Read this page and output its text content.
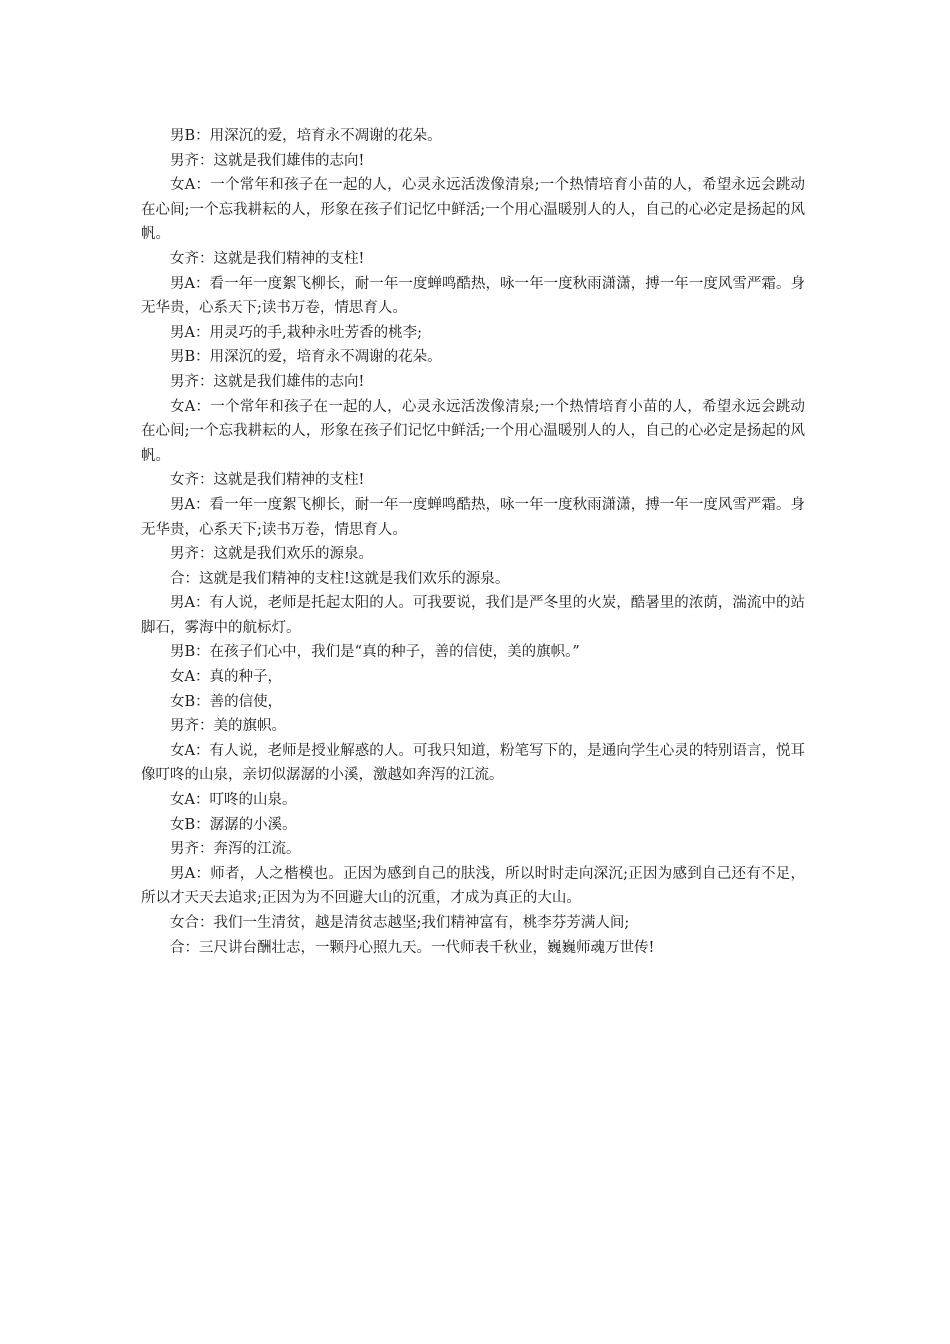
男B：用深沉的爱，培育永不凋谢的花朵。

男齐：这就是我们雄伟的志向!

女A：一个常年和孩子在一起的人，心灵永远活泼像清泉;一个热情培育小苗的人，希望永远会跳动在心间;一个忘我耕耘的人，形象在孩子们记忆中鲜活;一个用心温暖别人的人，自己的心必定是扬起的风帆。

女齐：这就是我们精神的支柱!

男A：看一年一度絮飞柳长，耐一年一度蝉鸣酷热，咏一年一度秋雨潇潇，搏一年一度风雪严霜。身无华贵，心系天下;读书万卷，情思育人。

男A：用灵巧的手,栽种永吐芳香的桃李;

男B：用深沉的爱，培育永不凋谢的花朵。

男齐：这就是我们雄伟的志向!

女A：一个常年和孩子在一起的人，心灵永远活泼像清泉;一个热情培育小苗的人，希望永远会跳动在心间;一个忘我耕耘的人，形象在孩子们记忆中鲜活;一个用心温暖别人的人，自己的心必定是扬起的风帆。

女齐：这就是我们精神的支柱!

男A：看一年一度絮飞柳长，耐一年一度蝉鸣酷热，咏一年一度秋雨潇潇，搏一年一度风雪严霜。身无华贵，心系天下;读书万卷，情思育人。

男齐：这就是我们欢乐的源泉。

合：这就是我们精神的支柱!这就是我们欢乐的源泉。

男A：有人说，老师是托起太阳的人。可我要说，我们是严冬里的火炭，酷暑里的浓荫，湍流中的站脚石，雾海中的航标灯。

男B：在孩子们心中，我们是“真的种子，善的信使，美的旗帜。”

女A：真的种子，

女B：善的信使，

男齐：美的旗帜。

女A：有人说，老师是授业解惑的人。可我只知道，粉笔写下的，是通向学生心灵的特别语言，悦耳像叮咚的山泉，亲切似潺潺的小溪，激越如奔泻的江流。

女A：叮咚的山泉。

女B：潺潺的小溪。

男齐：奔泻的江流。

男A：师者，人之楷模也。正因为感到自己的肤浅，所以时时走向深沉;正因为感到自己还有不足，所以才天天去追求;正因为为不回避大山的沉重，才成为真正的大山。

女合：我们一生清贫，越是清贫志越坚;我们精神富有，桃李芬芳满人间;

合：三尺讲台酬壮志，一颗丹心照九天。一代师表千秋业，巍巍师魂万世传!
